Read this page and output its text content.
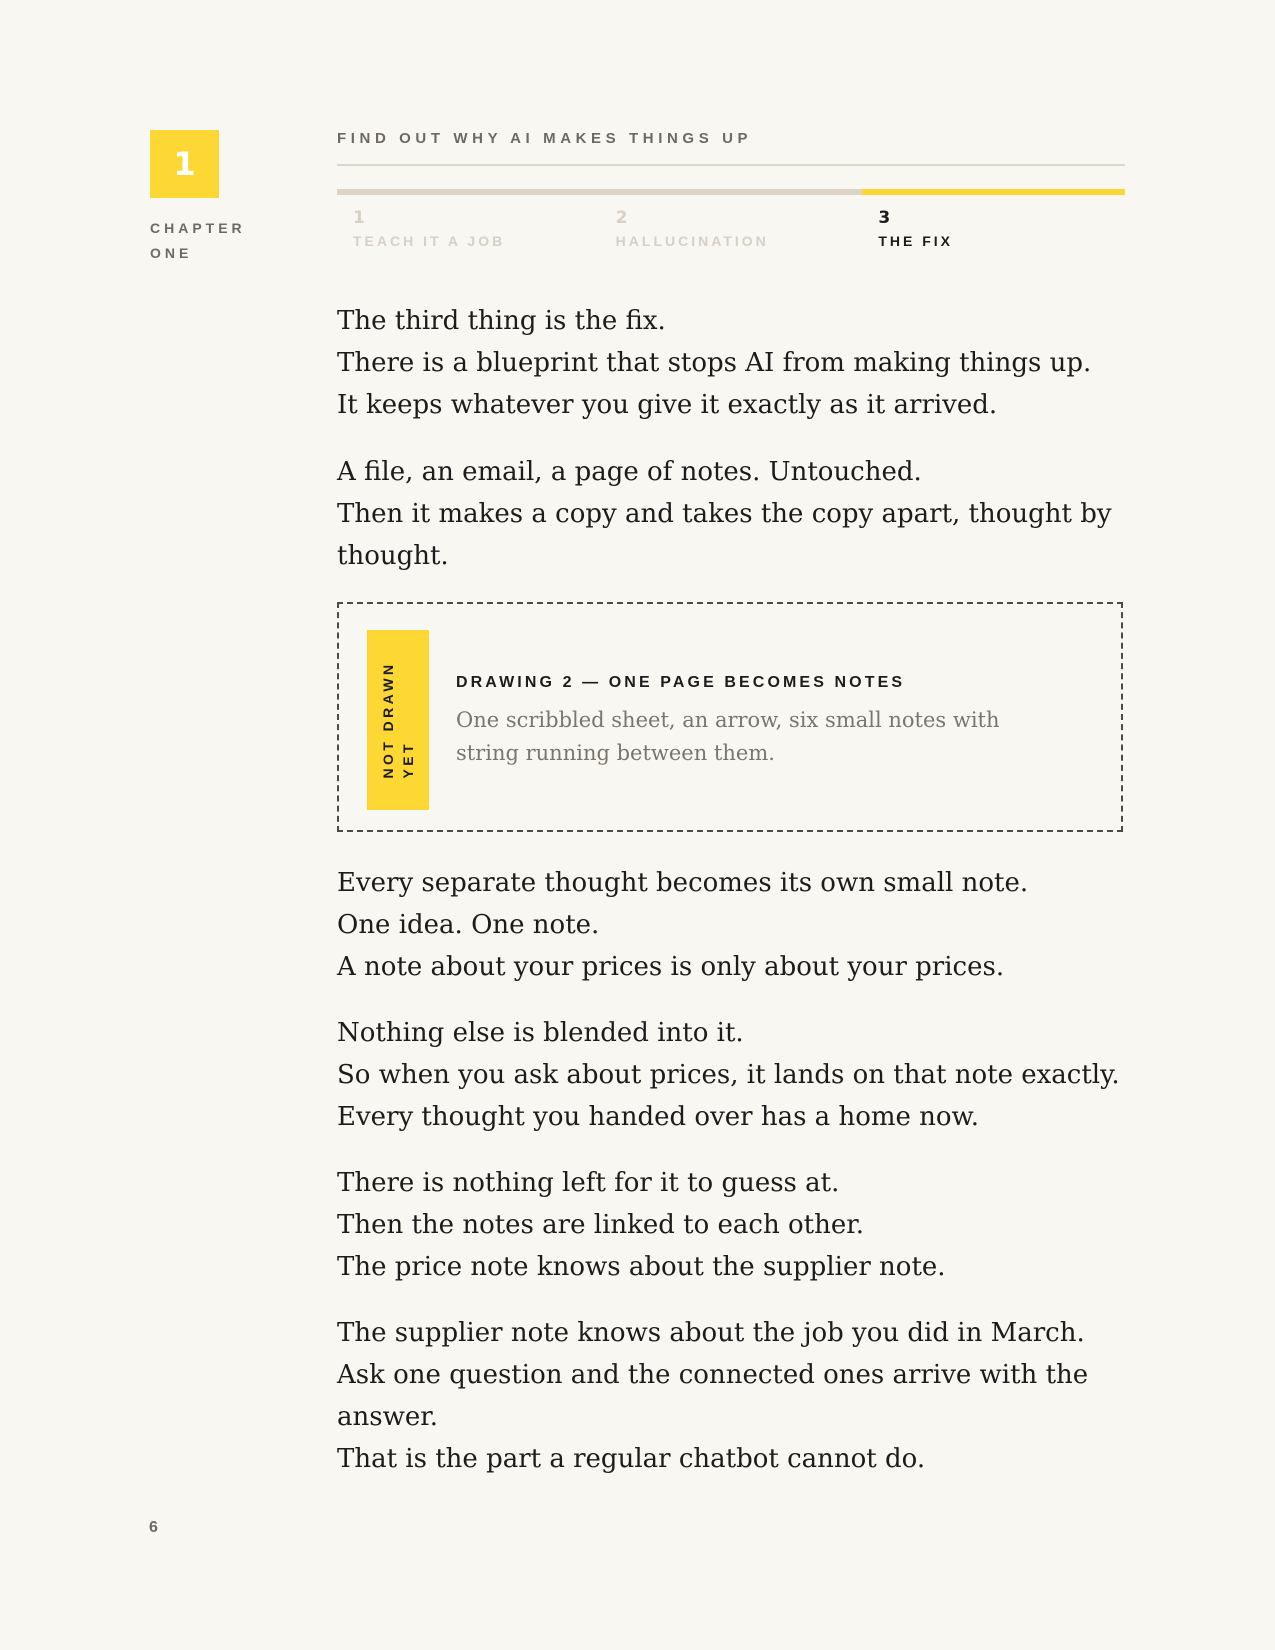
1
CHAPTER
ONE
FIND OUT WHY AI MAKES THINGS UP
1
TEACH IT A JOB
2
HALLUCINATION
3
THE FIX

The third thing is the fix.
There is a blueprint that stops AI from making things up.
It keeps whatever you give it exactly as it arrived.

A file, an email, a page of notes. Untouched.
Then it makes a copy and takes the copy apart, thought by
thought.

NOT DRAWN YET
DRAWING 2 — ONE PAGE BECOMES NOTES
One scribbled sheet, an arrow, six small notes with string running between them.

Every separate thought becomes its own small note.
One idea. One note.
A note about your prices is only about your prices.

Nothing else is blended into it.
So when you ask about prices, it lands on that note exactly.
Every thought you handed over has a home now.

There is nothing left for it to guess at.
Then the notes are linked to each other.
The price note knows about the supplier note.

The supplier note knows about the job you did in March.
Ask one question and the connected ones arrive with the
answer.
That is the part a regular chatbot cannot do.

6
